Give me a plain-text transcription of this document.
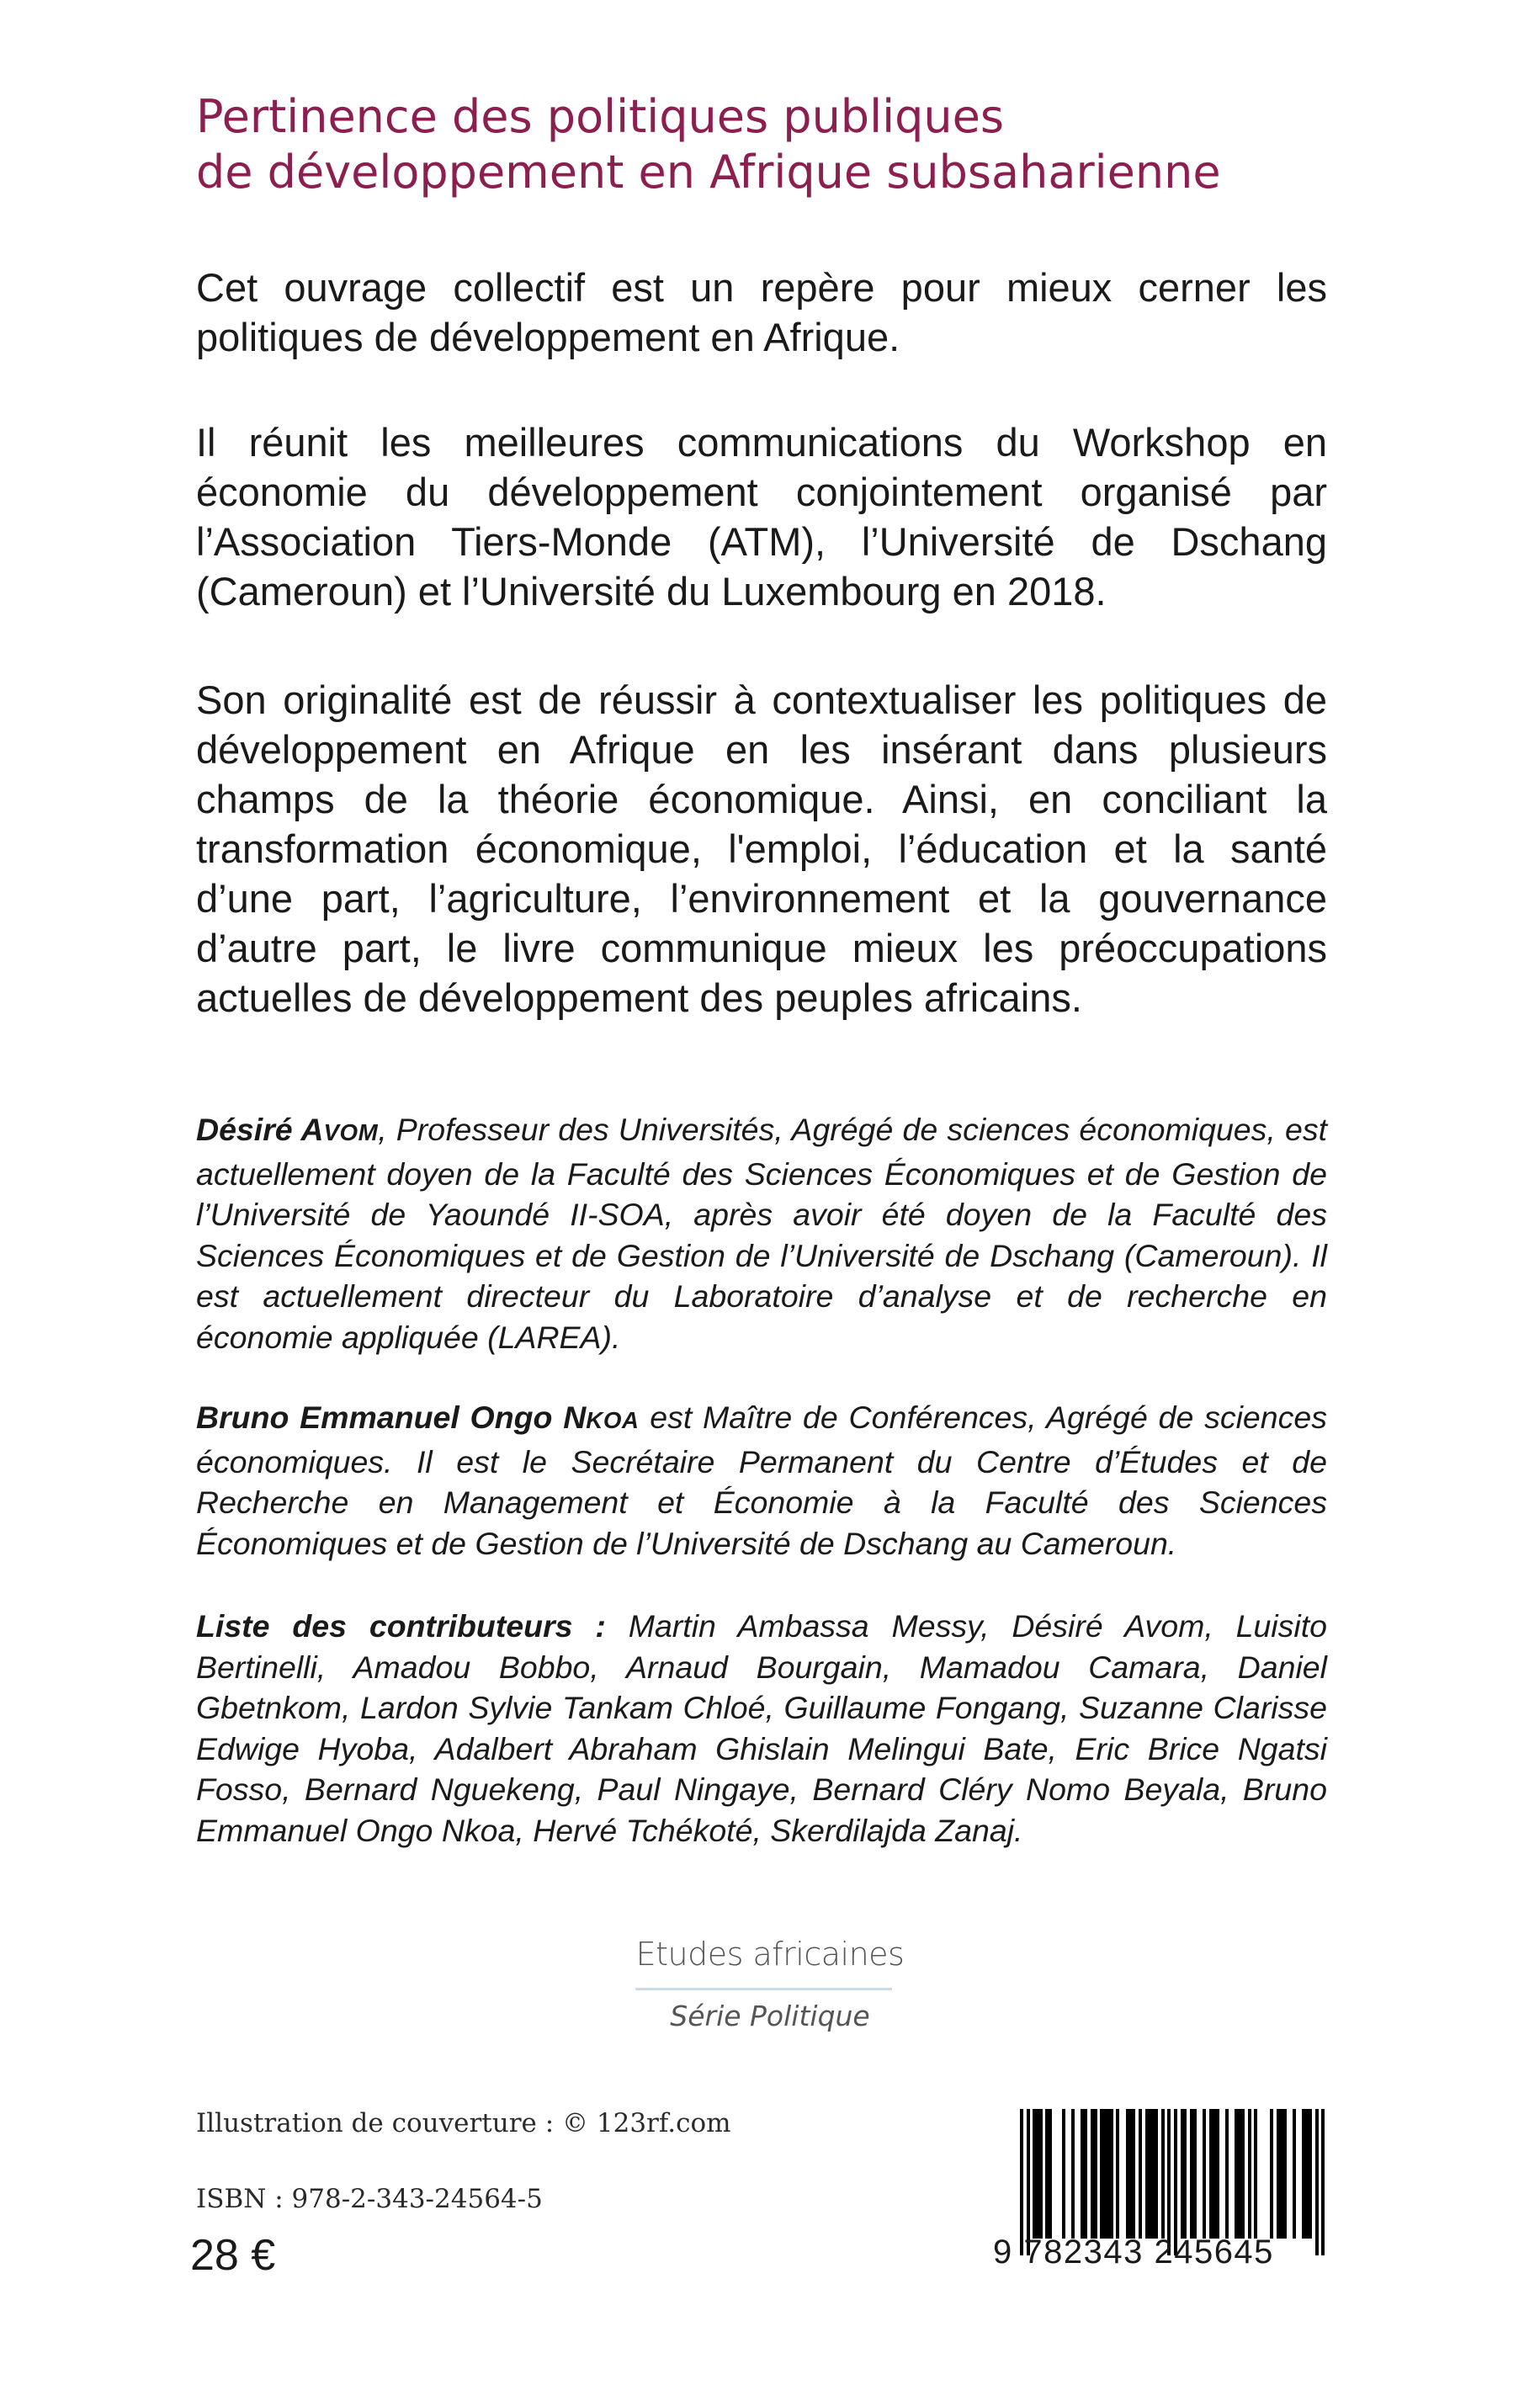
Pertinence des politiques publiques
de développement en Afrique subsaharienne

Cet ouvrage collectif est un repère pour mieux cerner les politiques de développement en Afrique.

Il réunit les meilleures communications du Workshop en économie du développement conjointement organisé par l’Association Tiers-Monde (ATM), l’Université de Dschang (Cameroun) et l’Université du Luxembourg en 2018.

Son originalité est de réussir à contextualiser les politiques de développement en Afrique en les insérant dans plusieurs champs de la théorie économique. Ainsi, en conciliant la transformation économique, l'emploi, l’éducation et la santé d’une part, l’agriculture, l’environnement et la gouvernance d’autre part, le livre communique mieux les préoccupations actuelles de développement des peuples africains.

Désiré AVOM, Professeur des Universités, Agrégé de sciences économiques, est actuellement doyen de la Faculté des Sciences Économiques et de Gestion de l’Université de Yaoundé II-SOA, après avoir été doyen de la Faculté des Sciences Économiques et de Gestion de l’Université de Dschang (Cameroun). Il est actuellement directeur du Laboratoire d’analyse et de recherche en économie appliquée (LAREA).

Bruno Emmanuel Ongo NKOA est Maître de Conférences, Agrégé de sciences économiques. Il est le Secrétaire Permanent du Centre d’Études et de Recherche en Management et Économie à la Faculté des Sciences Économiques et de Gestion de l’Université de Dschang au Cameroun.

Liste des contributeurs : Martin Ambassa Messy, Désiré Avom, Luisito Bertinelli, Amadou Bobbo, Arnaud Bourgain, Mamadou Camara, Daniel Gbetnkom, Lardon Sylvie Tankam Chloé, Guillaume Fongang, Suzanne Clarisse Edwige Hyoba, Adalbert Abraham Ghislain Melingui Bate, Eric Brice Ngatsi Fosso, Bernard Nguekeng, Paul Ningaye, Bernard Cléry Nomo Beyala, Bruno Emmanuel Ongo Nkoa, Hervé Tchékoté, Skerdilajda Zanaj.

Etudes africaines
Série Politique

Illustration de couverture : © 123rf.com

ISBN : 978-2-343-24564-5

28 €	9 782343 245645
